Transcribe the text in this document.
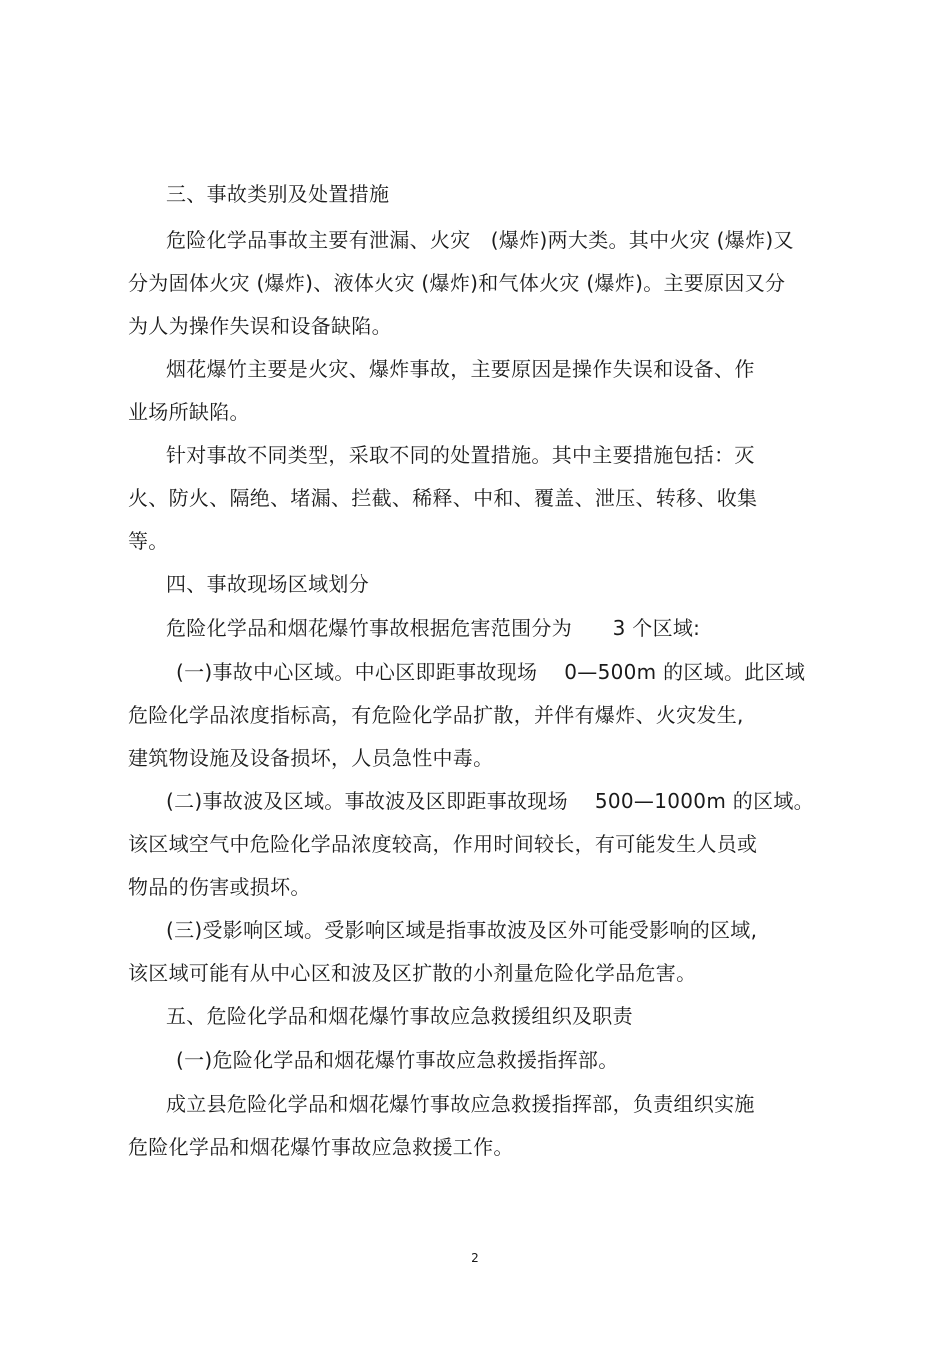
三、事故类别及处置措施
危险化学品事故主要有泄漏、火灾　(爆炸)两大类。其中火灾 (爆炸)又
分为固体火灾 (爆炸)、液体火灾 (爆炸)和气体火灾 (爆炸)。主要原因又分
为人为操作失误和设备缺陷。
烟花爆竹主要是火灾、爆炸事故，主要原因是操作失误和设备、作
业场所缺陷。
针对事故不同类型，采取不同的处置措施。其中主要措施包括：灭
火、防火、隔绝、堵漏、拦截、稀释、中和、覆盖、泄压、转移、收集
等。
四、事故现场区域划分
危险化学品和烟花爆竹事故根据危害范围分为　　3 个区域:
(一)事故中心区域。中心区即距事故现场　 0—500m 的区域。此区域
危险化学品浓度指标高，有危险化学品扩散，并伴有爆炸、火灾发生,
建筑物设施及设备损坏，人员急性中毒。
(二)事故波及区域。事故波及区即距事故现场　 500—1000m 的区域。
该区域空气中危险化学品浓度较高，作用时间较长，有可能发生人员或
物品的伤害或损坏。
(三)受影响区域。受影响区域是指事故波及区外可能受影响的区域,
该区域可能有从中心区和波及区扩散的小剂量危险化学品危害。
五、危险化学品和烟花爆竹事故应急救援组织及职责
(一)危险化学品和烟花爆竹事故应急救援指挥部。
成立县危险化学品和烟花爆竹事故应急救援指挥部，负责组织实施
危险化学品和烟花爆竹事故应急救援工作。
2
